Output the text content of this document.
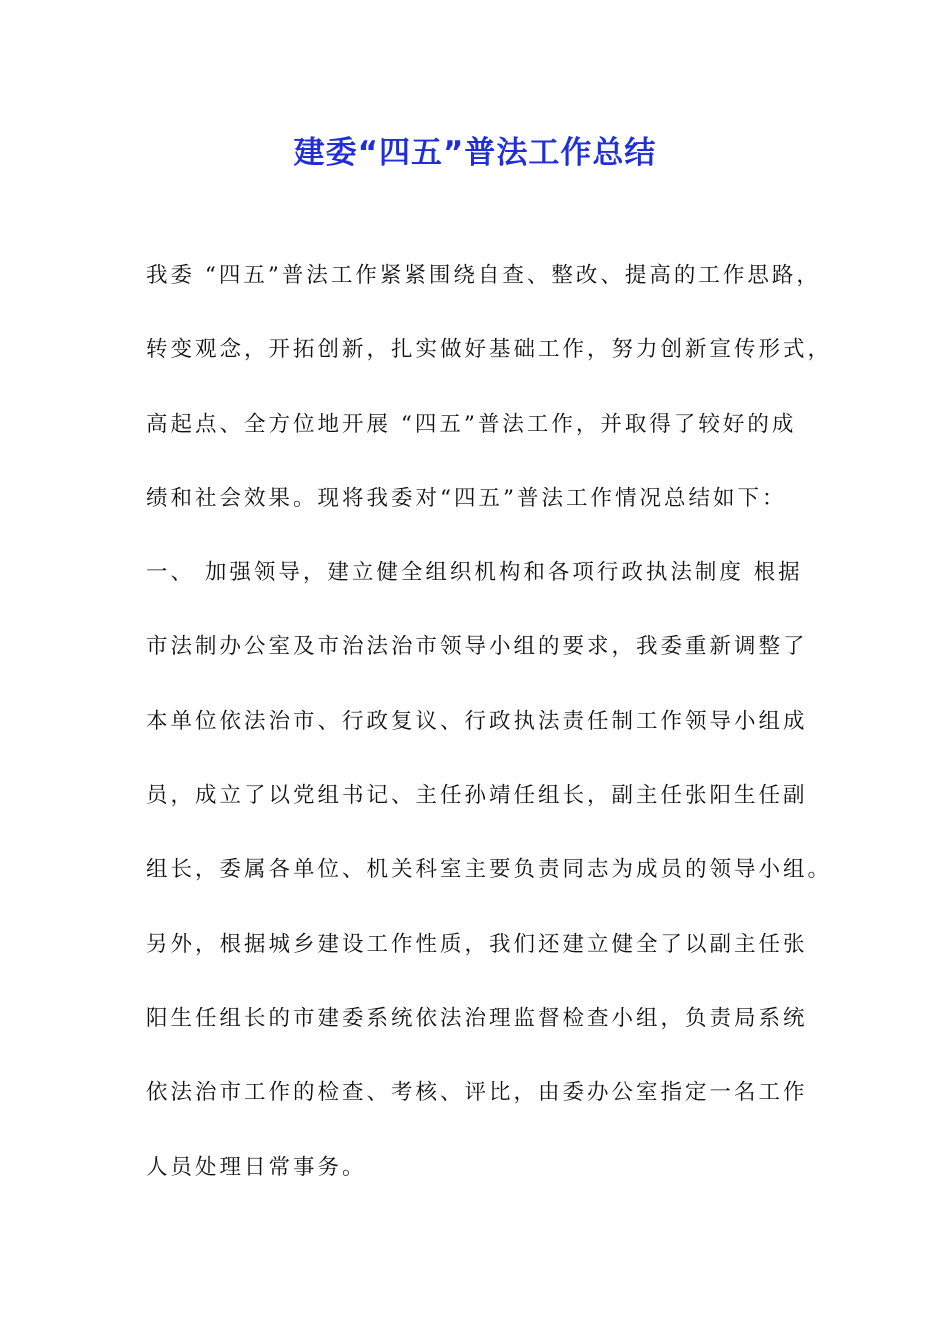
建委“四五”普法工作总结
我委 “四五”普法工作紧紧围绕自查、整改、提高的工作思路，
转变观念，开拓创新，扎实做好基础工作，努力创新宣传形式，
高起点、全方位地开展 “四五”普法工作，并取得了较好的成
绩和社会效果。现将我委对“四五”普法工作情况总结如下：
一、 加强领导，建立健全组织机构和各项行政执法制度 根据
市法制办公室及市治法治市领导小组的要求，我委重新调整了
本单位依法治市、行政复议、行政执法责任制工作领导小组成
员，成立了以党组书记、主任孙靖任组长，副主任张阳生任副
组长，委属各单位、机关科室主要负责同志为成员的领导小组。
另外，根据城乡建设工作性质，我们还建立健全了以副主任张
阳生任组长的市建委系统依法治理监督检查小组，负责局系统
依法治市工作的检查、考核、评比，由委办公室指定一名工作
人员处理日常事务。
